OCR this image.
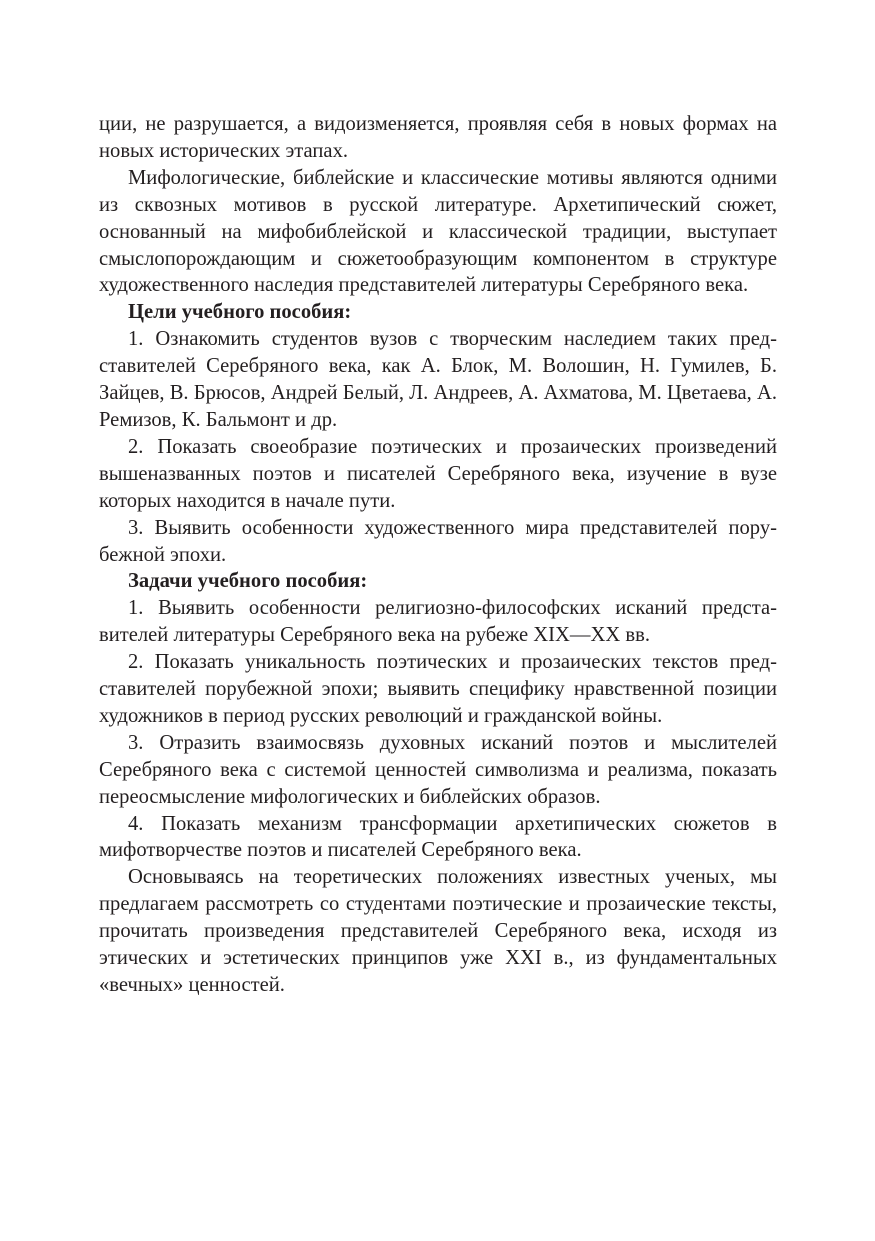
ции, не разрушается, а видоизменяется, проявляя себя в новых формах на новых исторических этапах.

Мифологические, библейские и классические мотивы являются одними из сквозных мотивов в русской литературе. Архетипический сюжет, основанный на мифобиблейской и классической традиции, выступает смыслопорождающим и сюжетообразующим компонентом в структуре художественного наследия представителей литературы Серебряного века.

Цели учебного пособия:

1. Ознакомить студентов вузов с творческим наследием таких представителей Серебряного века, как А. Блок, М. Волошин, Н. Гумилев, Б. Зайцев, В. Брюсов, Андрей Белый, Л. Андреев, А. Ахматова, М. Цветаева, А. Ремизов, К. Бальмонт и др.

2. Показать своеобразие поэтических и прозаических произведений вышеназванных поэтов и писателей Серебряного века, изучение в вузе которых находится в начале пути.

3. Выявить особенности художественного мира представителей порубежной эпохи.

Задачи учебного пособия:

1. Выявить особенности религиозно-философских исканий представителей литературы Серебряного века на рубеже XIX—XX вв.

2. Показать уникальность поэтических и прозаических текстов представителей порубежной эпохи; выявить специфику нравственной позиции художников в период русских революций и гражданской войны.

3. Отразить взаимосвязь духовных исканий поэтов и мыслителей Серебряного века с системой ценностей символизма и реализма, показать переосмысление мифологических и библейских образов.

4. Показать механизм трансформации архетипических сюжетов в мифотворчестве поэтов и писателей Серебряного века.

Основываясь на теоретических положениях известных ученых, мы предлагаем рассмотреть со студентами поэтические и прозаические тексты, прочитать произведения представителей Серебряного века, исходя из этических и эстетических принципов уже XXI в., из фундаментальных «вечных» ценностей.
